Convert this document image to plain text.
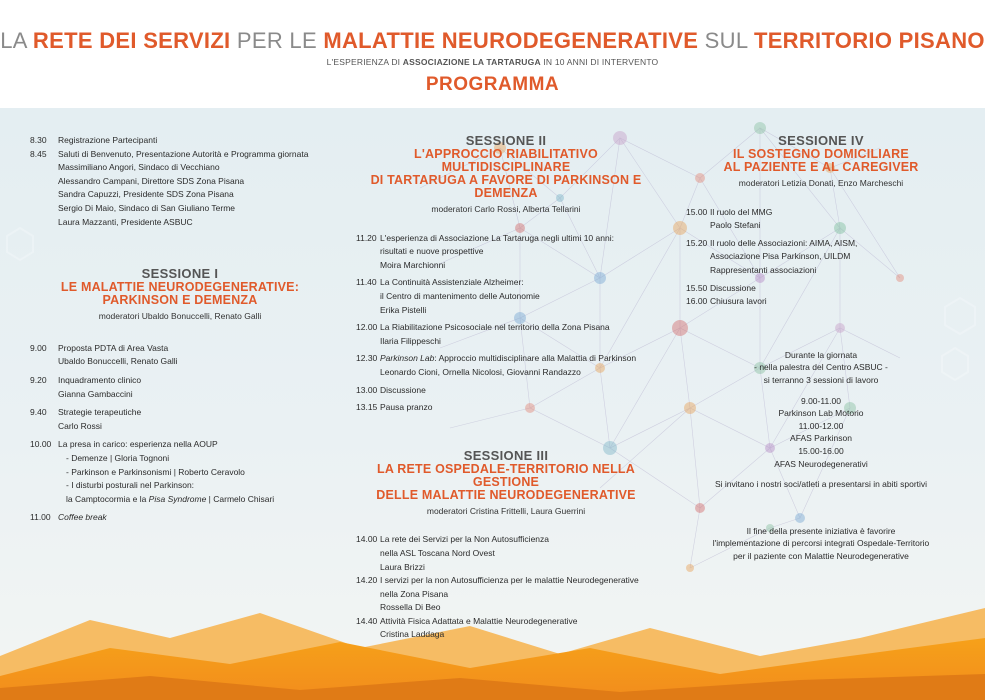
LA RETE DEI SERVIZI PER LE MALATTIE NEURODEGENERATIVE SUL TERRITORIO PISANO
L'ESPERIENZA DI ASSOCIAZIONE LA TARTARUGA IN 10 ANNI DI INTERVENTO
PROGRAMMA
8.30 Registrazione Partecipanti
8.45 Saluti di Benvenuto, Presentazione Autorità e Programma giornata
Massimiliano Angori, Sindaco di Vecchiano
Alessandro Campani, Direttore SDS Zona Pisana
Sandra Capuzzi, Presidente SDS Zona Pisana
Sergio Di Maio, Sindaco di San Giuliano Terme
Laura Mazzanti, Presidente ASBUC
SESSIONE I
LE MALATTIE NEURODEGENERATIVE:
PARKINSON E DEMENZA
moderatori Ubaldo Bonuccelli, Renato Galli
9.00 Proposta PDTA di Area Vasta
Ubaldo Bonuccelli, Renato Galli
9.20 Inquadramento clinico
Gianna Gambaccini
9.40 Strategie terapeutiche
Carlo Rossi
10.00 La presa in carico: esperienza nella AOUP
- Demenze | Gloria Tognoni
- Parkinson e Parkinsonismi | Roberto Ceravolo
- I disturbi posturali nel Parkinson:
la Camptocormia e la Pisa Syndrome | Carmelo Chisari
11.00 Coffee break
SESSIONE II
L'APPROCCIO RIABILITATIVO MULTIDISCIPLINARE
DI TARTARUGA A FAVORE DI PARKINSON E DEMENZA
moderatori Carlo Rossi, Alberta Tellarini
11.20 L'esperienza di Associazione La Tartaruga negli ultimi 10 anni:
risultati e nuove prospettive
Moira Marchionni
11.40 La Continuità Assistenziale Alzheimer:
il Centro di mantenimento delle Autonomie
Erika Pistelli
12.00 La Riabilitazione Psicosociale nel territorio della Zona Pisana
Ilaria Filippeschi
12.30 Parkinson Lab: Approccio multidisciplinare alla Malattia di Parkinson
Leonardo Cioni, Ornella Nicolosi, Giovanni Randazzo
13.00 Discussione
13.15 Pausa pranzo
SESSIONE III
LA RETE OSPEDALE-TERRITORIO NELLA GESTIONE
DELLE MALATTIE NEURODEGENERATIVE
moderatori Cristina Frittelli, Laura Guerrini
14.00 La rete dei Servizi per la Non Autosufficienza
nella ASL Toscana Nord Ovest
Laura Brizzi
14.20 I servizi per la non Autosufficienza per le malattie Neurodegenerative
nella Zona Pisana
Rossella Di Beo
14.40 Attività Fisica Adattata e Malattie Neurodegenerative
Cristina Laddaga
SESSIONE IV
IL SOSTEGNO DOMICILIARE
AL PAZIENTE E AL CAREGIVER
moderatori Letizia Donati, Enzo Marcheschi
15.00 Il ruolo del MMG
Paolo Stefani
15.20 Il ruolo delle Associazioni: AIMA, AISM,
Associazione Pisa Parkinson, UILDM
Rappresentanti associazioni
15.50 Discussione
16.00 Chiusura lavori
Durante la giornata
- nella palestra del Centro ASBUC -
si terranno 3 sessioni di lavoro
9.00-11.00
Parkinson Lab Motorio
11.00-12.00
AFAS Parkinson
15.00-16.00
AFAS Neurodegenerativi
Si invitano i nostri soci/atleti a presentarsi in abiti sportivi
Il fine della presente iniziativa è favorire
l'implementazione di percorsi integrati Ospedale-Territorio
per il paziente con Malattie Neurodegenerative
